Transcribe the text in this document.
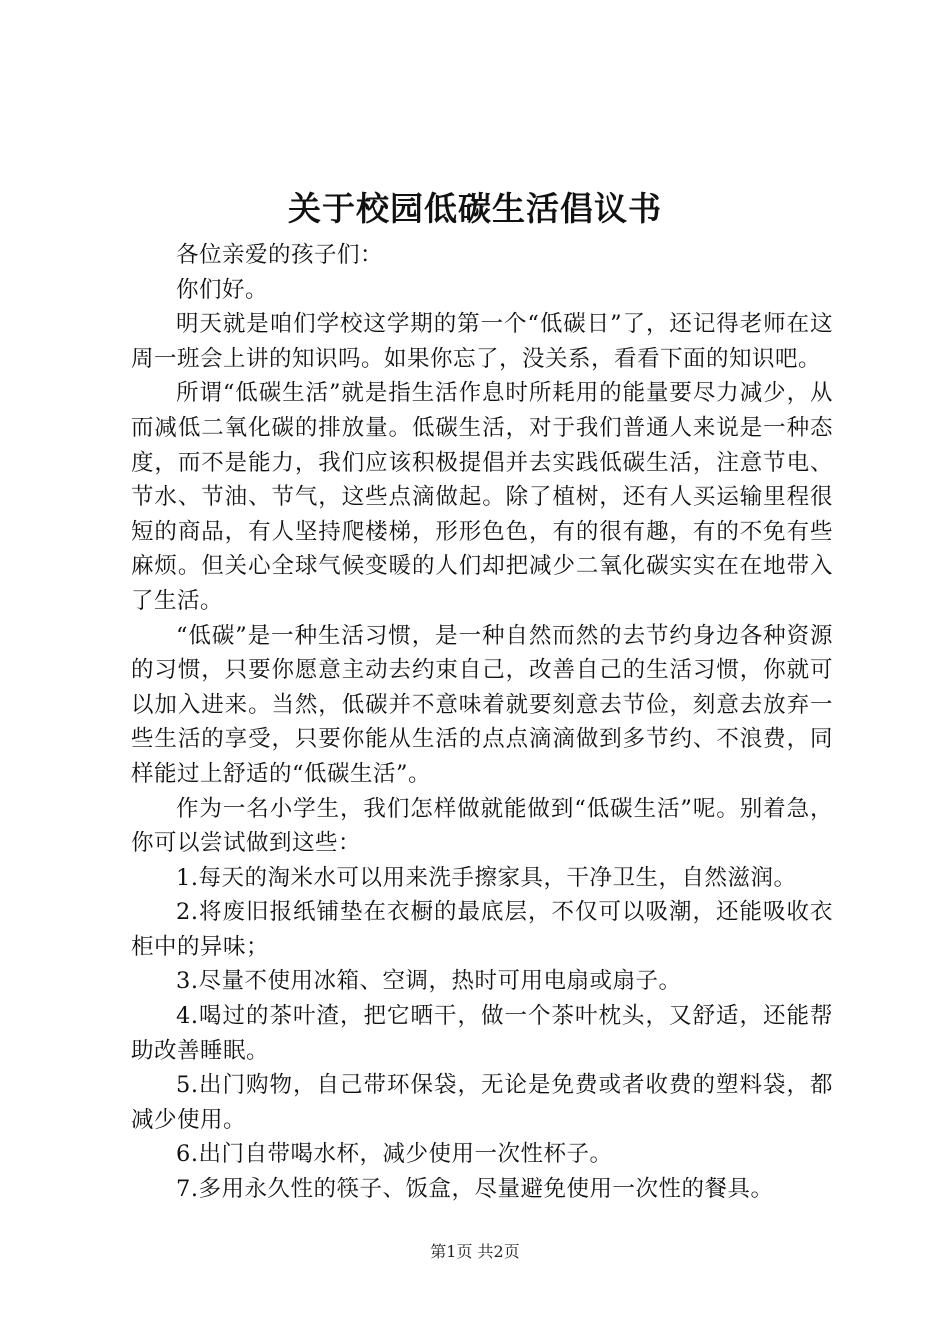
关于校园低碳生活倡议书

各位亲爱的孩子们：

你们好。

明天就是咱们学校这学期的第一个“低碳日”了，还记得老师在这周一班会上讲的知识吗。如果你忘了，没关系，看看下面的知识吧。

所谓“低碳生活”就是指生活作息时所耗用的能量要尽力减少，从而减低二氧化碳的排放量。低碳生活，对于我们普通人来说是一种态度，而不是能力，我们应该积极提倡并去实践低碳生活，注意节电、节水、节油、节气，这些点滴做起。除了植树，还有人买运输里程很短的商品，有人坚持爬楼梯，形形色色，有的很有趣，有的不免有些麻烦。但关心全球气候变暖的人们却把减少二氧化碳实实在在地带入了生活。

“低碳”是一种生活习惯，是一种自然而然的去节约身边各种资源的习惯，只要你愿意主动去约束自己，改善自己的生活习惯，你就可以加入进来。当然，低碳并不意味着就要刻意去节俭，刻意去放弃一些生活的享受，只要你能从生活的点点滴滴做到多节约、不浪费，同样能过上舒适的“低碳生活”。

作为一名小学生，我们怎样做就能做到“低碳生活”呢。别着急，你可以尝试做到这些：

1.每天的淘米水可以用来洗手擦家具，干净卫生，自然滋润。

2.将废旧报纸铺垫在衣橱的最底层，不仅可以吸潮，还能吸收衣柜中的异味；

3.尽量不使用冰箱、空调，热时可用电扇或扇子。

4.喝过的茶叶渣，把它晒干，做一个茶叶枕头，又舒适，还能帮助改善睡眠。

5.出门购物，自己带环保袋，无论是免费或者收费的塑料袋，都减少使用。

6.出门自带喝水杯，减少使用一次性杯子。

7.多用永久性的筷子、饭盒，尽量避免使用一次性的餐具。

第1页 共2页
